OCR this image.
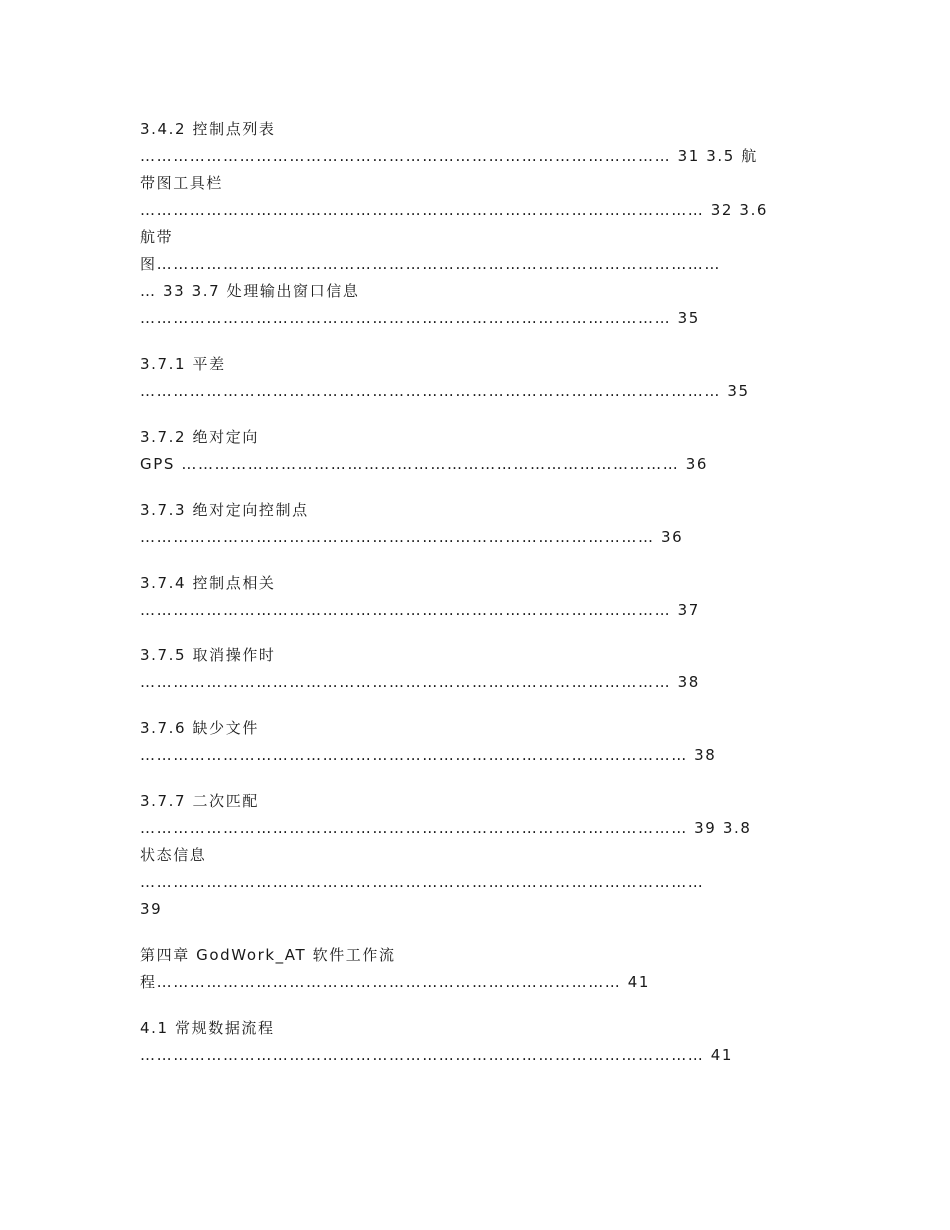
3.4.2 控制点列表
…………………………………………………………………………………… 31 3.5 航
带图工具栏
………………………………………………………………………………………… 32 3.6
航带
图…………………………………………………………………………………………
… 33 3.7 处理输出窗口信息
…………………………………………………………………………………… 35
3.7.1 平差
…………………………………………………………………………………………… 35
3.7.2 绝对定向
GPS ……………………………………………………………………………… 36
3.7.3 绝对定向控制点
………………………………………………………………………………… 36
3.7.4 控制点相关
…………………………………………………………………………………… 37
3.7.5 取消操作时
…………………………………………………………………………………… 38
3.7.6 缺少文件
……………………………………………………………………………………… 38
3.7.7 二次匹配
……………………………………………………………………………………… 39 3.8
状态信息
…………………………………………………………………………………………
39
第四章 GodWork_AT 软件工作流
程………………………………………………………………………… 41
4.1 常规数据流程
………………………………………………………………………………………… 41
